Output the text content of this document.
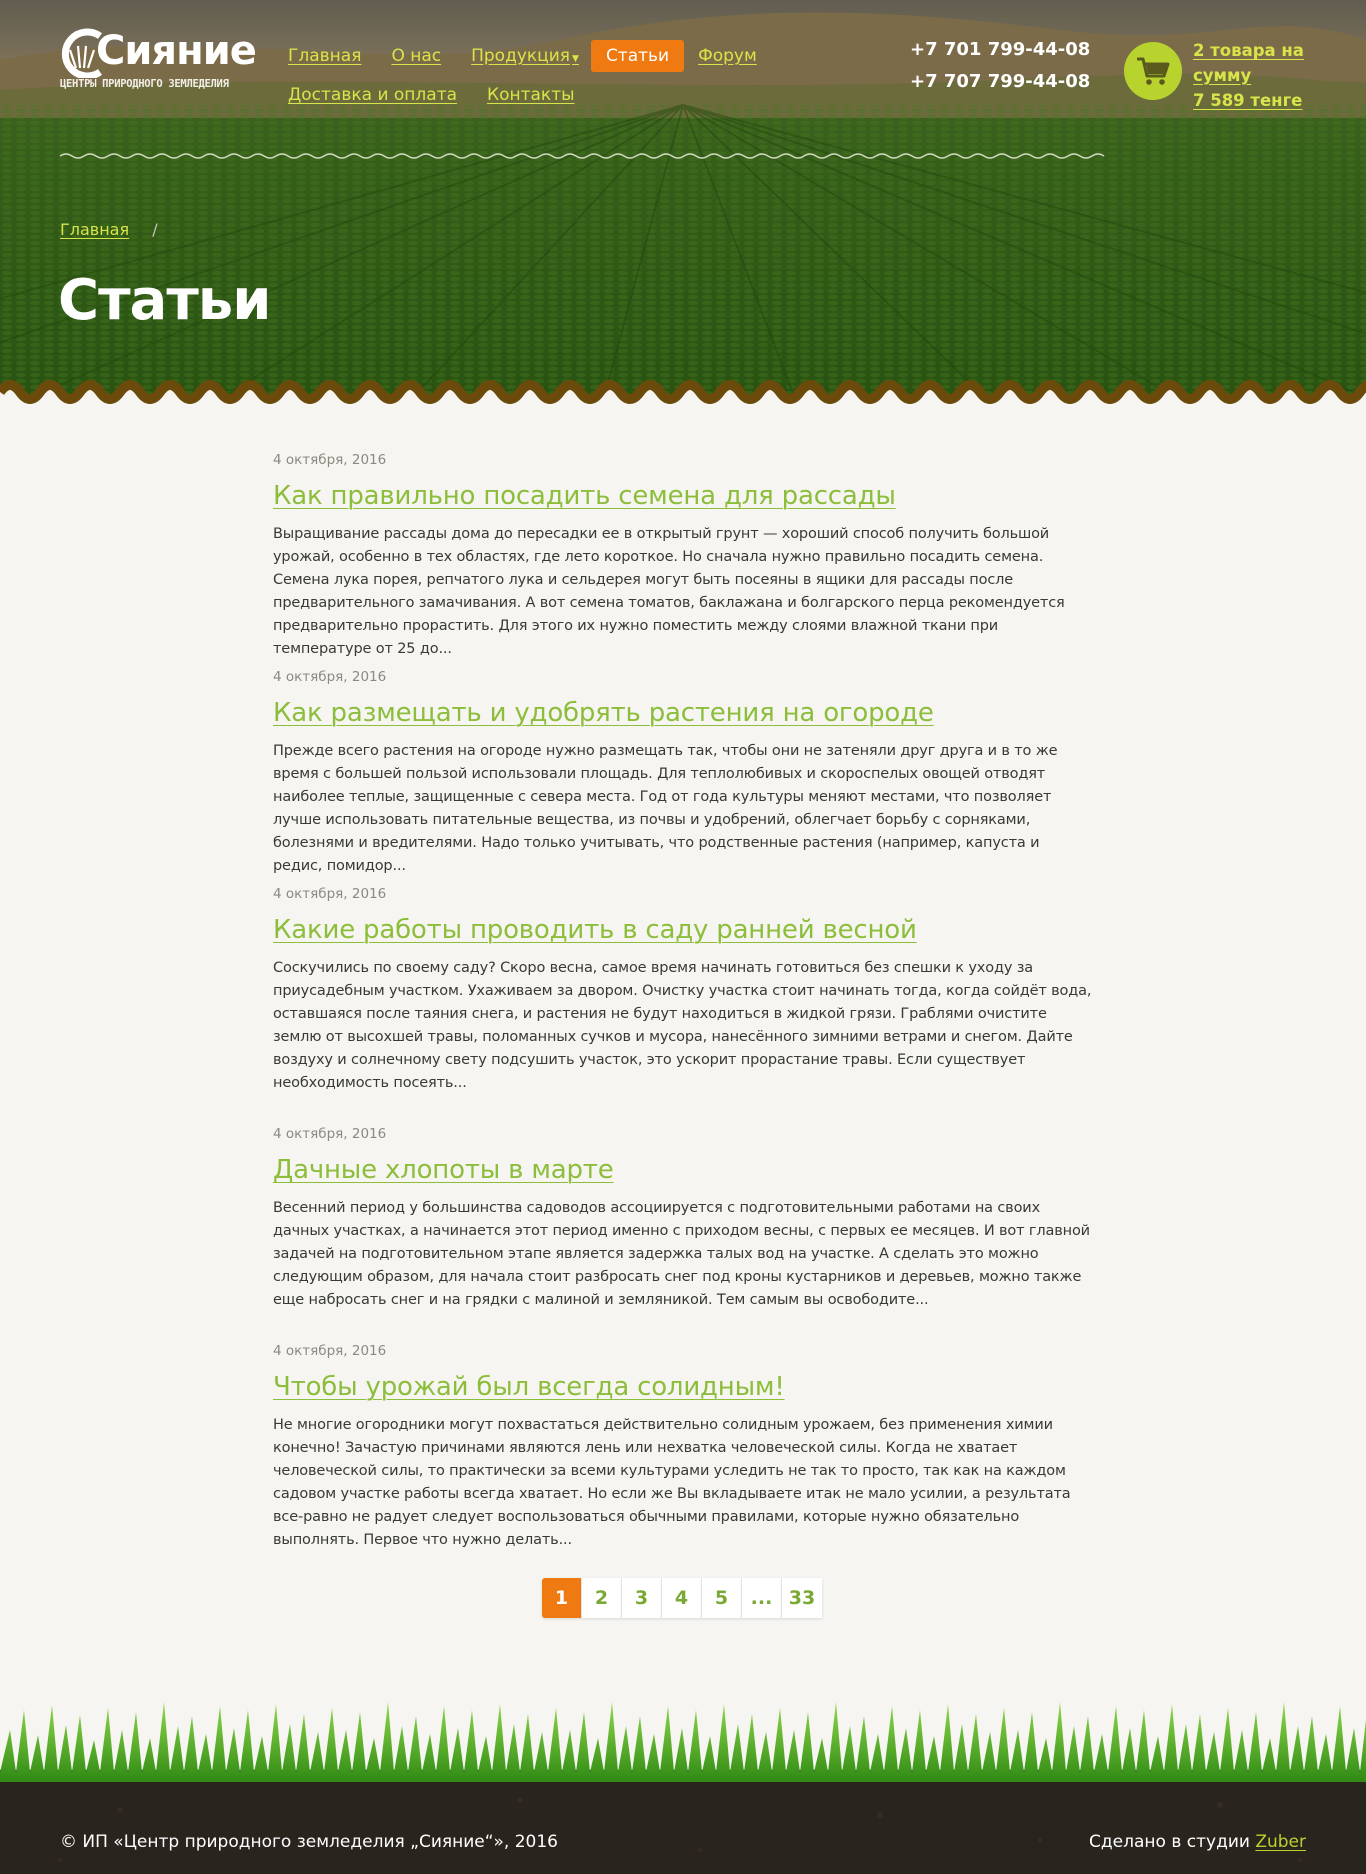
Сияние
ЦЕНТРЫ ПРИРОДНОГО ЗЕМЛЕДЕЛИЯ
Главная О нас Продукция ▼	Статьи	Форум
Доставка и оплата Контакты
+7 701 799-44-08
+7 707 799-44-08
2 товара на
сумму
7 589 тенге
Главная /
Статьи
4 октября, 2016
Как правильно посадить семена для рассады

Выращивание рассады дома до пересадки ее в открытый грунт — хороший способ получить большой урожай, особенно в тех областях, где лето короткое. Но сначала нужно правильно посадить семена. Семена лука порея, репчатого лука и сельдерея могут быть посеяны в ящики для рассады после предварительного замачивания. А вот семена томатов, баклажана и болгарского перца рекомендуется предварительно прорастить. Для этого их нужно поместить между слоями влажной ткани при температуре от 25 до...

4 октября, 2016
Как размещать и удобрять растения на огороде

Прежде всего растения на огороде нужно размещать так, чтобы они не затеняли друг друга и в то же время с большей пользой использовали площадь. Для теплолюбивых и скороспелых овощей отводят наиболее теплые, защищенные с севера места. Год от года культуры меняют местами, что позволяет лучше использовать питательные вещества, из почвы и удобрений, облегчает борьбу с сорняками, болезнями и вредителями. Надо только учитывать, что родственные растения (например, капуста и редис, помидор...

4 октября, 2016
Какие работы проводить в саду ранней весной

Соскучились по своему саду? Скоро весна, самое время начинать готовиться без спешки к уходу за приусадебным участком. Ухаживаем за двором. Очистку участка стоит начинать тогда, когда сойдёт вода, оставшаяся после таяния снега, и растения не будут находиться в жидкой грязи. Граблями очистите землю от высохшей травы, поломанных сучков и мусора, нанесённого зимними ветрами и снегом. Дайте воздуху и солнечному свету подсушить участок, это ускорит прорастание травы. Если существует необходимость посеять...

4 октября, 2016
Дачные хлопоты в марте

Весенний период у большинства садоводов ассоциируется с подготовительными работами на своих дачных участках, а начинается этот период именно с приходом весны, с первых ее месяцев. И вот главной задачей на подготовительном этапе является задержка талых вод на участке. А сделать это можно следующим образом, для начала стоит разбросать снег под кроны кустарников и деревьев, можно также еще набросать снег и на грядки с малиной и земляникой. Тем самым вы освободите...

4 октября, 2016
Чтобы урожай был всегда солидным!

Не многие огородники могут похвастаться действительно солидным урожаем, без применения химии конечно! Зачастую причинами являются лень или нехватка человеческой силы. Когда не хватает человеческой силы, то практически за всеми культурами уследить не так то просто, так как на каждом садовом участке работы всегда хватает. Но если же Вы вкладываете итак не мало усилии, а результата все-равно не радует следует воспользоваться обычными правилами, которые нужно обязательно выполнять. Первое что нужно делать...

1	2	3	4	5	... 33
© ИП «Центр природного земледелия „Сияние“», 2016	Сделано в студии Zuber
